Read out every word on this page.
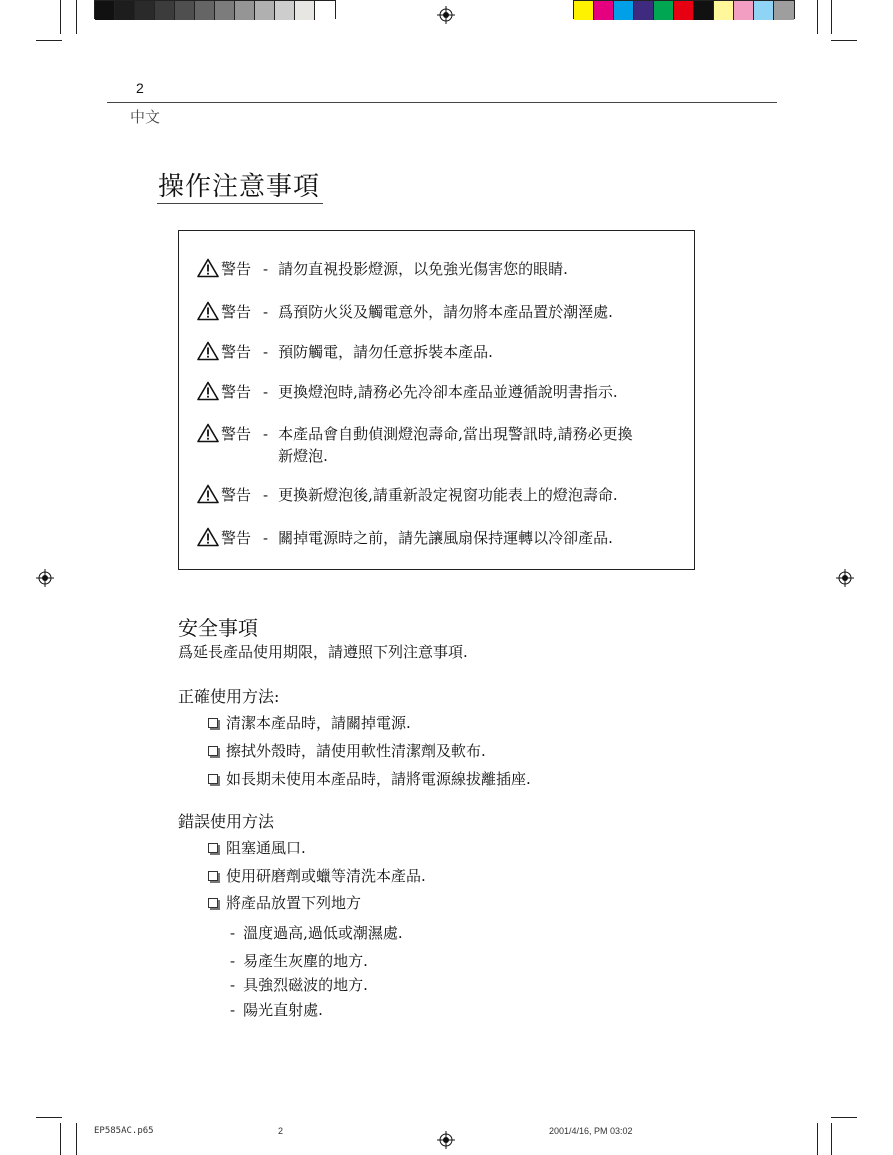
2
中文
操作注意事項
警告 - 請勿直視投影燈源，以免強光傷害您的眼睛.
警告 - 爲預防火災及觸電意外，請勿將本產品置於潮溼處.
警告 - 預防觸電，請勿任意拆裝本產品.
警告 - 更換燈泡時,請務必先冷卻本產品並遵循說明書指示.
警告 - 本產品會自動偵測燈泡壽命,當出現警訊時,請務必更換
新燈泡.
警告 - 更換新燈泡後,請重新設定視窗功能表上的燈泡壽命.
警告 - 關掉電源時之前，請先讓風扇保持運轉以冷卻產品.
安全事項
爲延長產品使用期限，請遵照下列注意事項.
正確使用方法:
清潔本產品時，請關掉電源.
擦拭外殼時，請使用軟性清潔劑及軟布.
如長期未使用本產品時，請將電源線拔離插座.
錯誤使用方法
阻塞通風口.
使用研磨劑或蠟等清洗本產品.
將產品放置下列地方
- 溫度過高,過低或潮濕處.
- 易產生灰塵的地方.
- 具強烈磁波的地方.
- 陽光直射處.
EP585AC.p65	2	2001/4/16, PM 03:02
